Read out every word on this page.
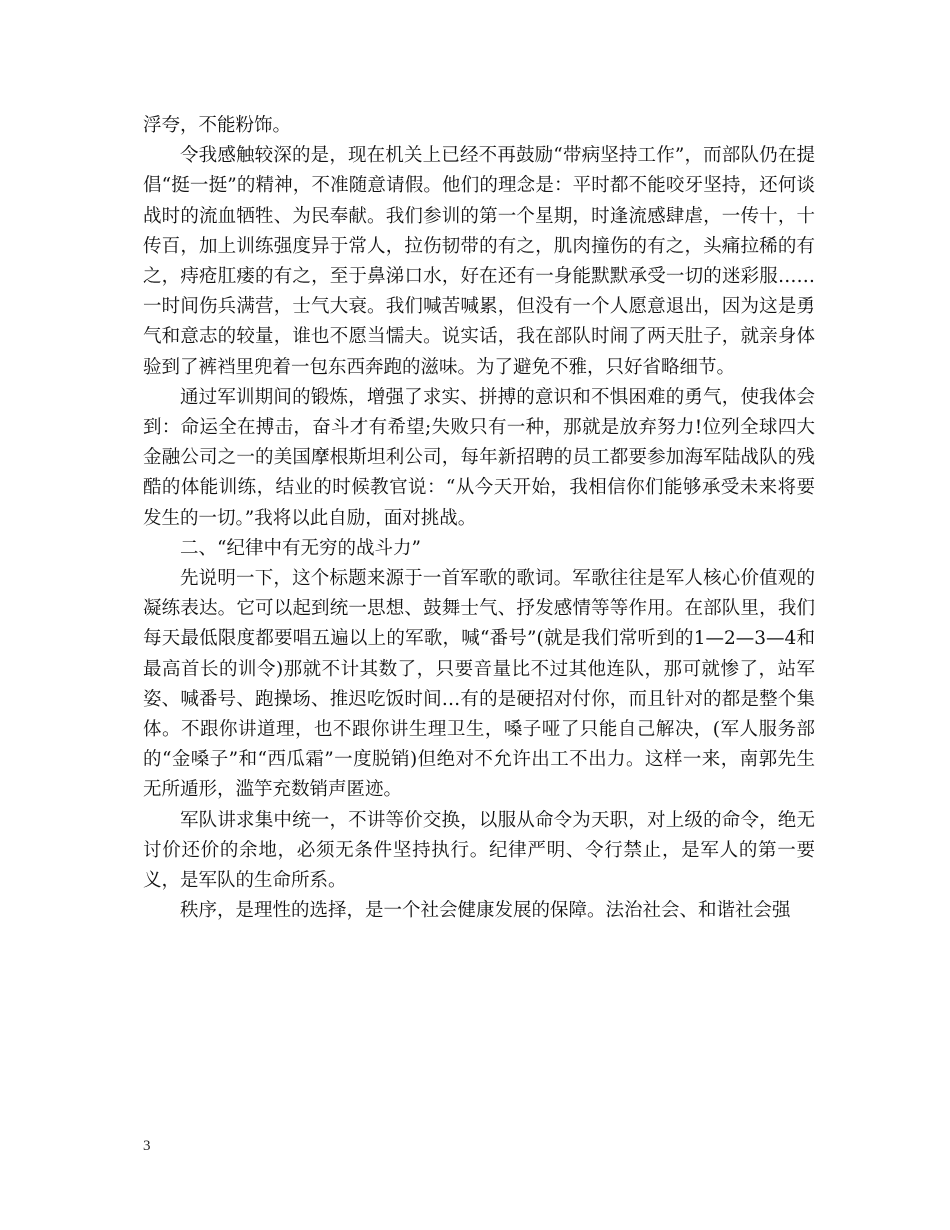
浮夸，不能粉饰。

令我感触较深的是，现在机关上已经不再鼓励“带病坚持工作”，而部队仍在提倡“挺一挺”的精神，不准随意请假。他们的理念是：平时都不能咬牙坚持，还何谈战时的流血牺牲、为民奉献。我们参训的第一个星期，时逢流感肆虐，一传十，十传百，加上训练强度异于常人，拉伤韧带的有之，肌肉撞伤的有之，头痛拉稀的有之，痔疮肛瘘的有之，至于鼻涕口水，好在还有一身能默默承受一切的迷彩服……一时间伤兵满营，士气大衰。我们喊苦喊累，但没有一个人愿意退出，因为这是勇气和意志的较量，谁也不愿当懦夫。说实话，我在部队时闹了两天肚子，就亲身体验到了裤裆里兜着一包东西奔跑的滋味。为了避免不雅，只好省略细节。

通过军训期间的锻炼，增强了求实、拼搏的意识和不惧困难的勇气，使我体会到：命运全在搏击，奋斗才有希望;失败只有一种，那就是放弃努力!位列全球四大金融公司之一的美国摩根斯坦利公司，每年新招聘的员工都要参加海军陆战队的残酷的体能训练，结业的时候教官说：“从今天开始，我相信你们能够承受未来将要发生的一切。”我将以此自励，面对挑战。

二、“纪律中有无穷的战斗力”

先说明一下，这个标题来源于一首军歌的歌词。军歌往往是军人核心价值观的凝练表达。它可以起到统一思想、鼓舞士气、抒发感情等等作用。在部队里，我们每天最低限度都要唱五遍以上的军歌，喊“番号”(就是我们常听到的1—2—3—4和最高首长的训令)那就不计其数了，只要音量比不过其他连队，那可就惨了，站军姿、喊番号、跑操场、推迟吃饭时间…有的是硬招对付你，而且针对的都是整个集体。不跟你讲道理，也不跟你讲生理卫生，嗓子哑了只能自己解决，(军人服务部的“金嗓子”和“西瓜霜”一度脱销)但绝对不允许出工不出力。这样一来，南郭先生无所遁形，滥竽充数销声匿迹。

军队讲求集中统一，不讲等价交换，以服从命令为天职，对上级的命令，绝无讨价还价的余地，必须无条件坚持执行。纪律严明、令行禁止，是军人的第一要义，是军队的生命所系。

秩序，是理性的选择，是一个社会健康发展的保障。法治社会、和谐社会强

3
